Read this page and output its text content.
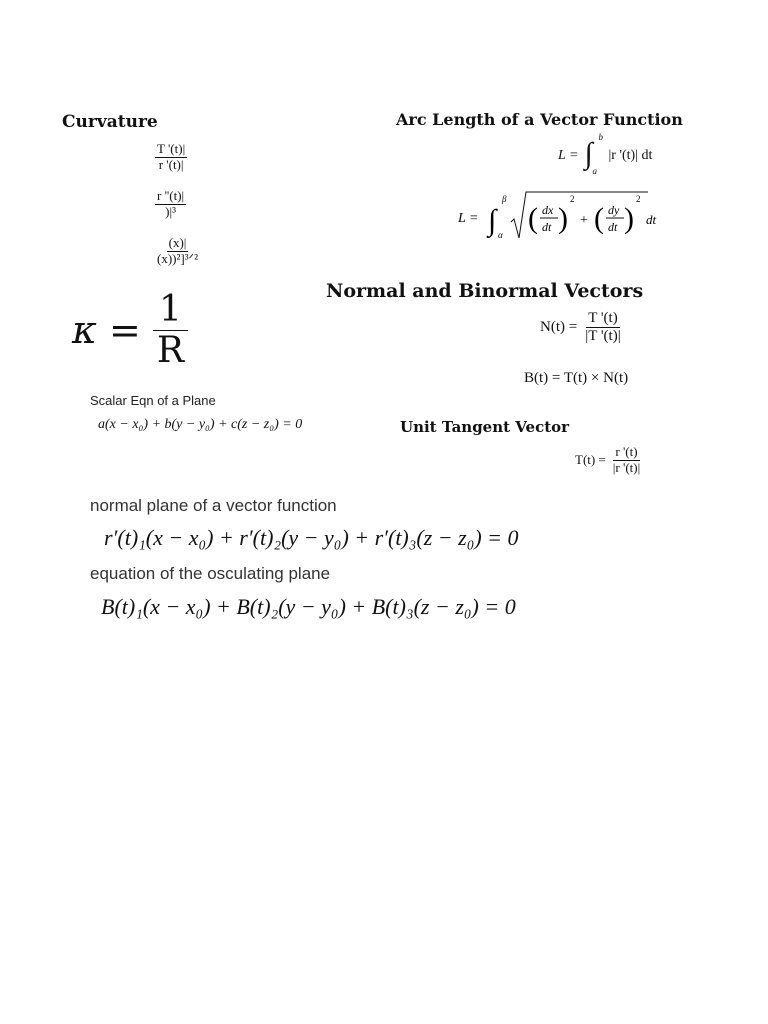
Curvature
$\frac{T '(t)|}{r '(t)|}$
$\frac{r ''(t)|}{\text{)|³}}$
$\frac{(x)|}{\text{(x))²]³ᐟ²}}$
$\kappa = \frac{1}{R}$
Arc Length of a Vector Function
L = ∫ b
a
|r '(t)| dt
L = ∫
β
α ( dx
dt )
2
+ ( dy
dt )
2
dt
Normal and Binormal Vectors
$N(t) = \frac{T '(t)}{|T '(t)|}$
B(t) = T(t) × N(t)
Scalar Eqn of a Plane
a(x − x₀) + b(y − y₀) + c(z − z₀) = 0	Unit Tangent Vector
$T(t) = \frac{r '(t)}{|r '(t)|}$
normal plane of a vector function
r′(t)₁(x − x₀) + r′(t)₂(y − y₀) + r′(t)₃(z − z₀) = 0
equation of the osculating plane
B(t)₁(x − x₀) + B(t)₂(y − y₀) + B(t)₃(z − z₀) = 0
